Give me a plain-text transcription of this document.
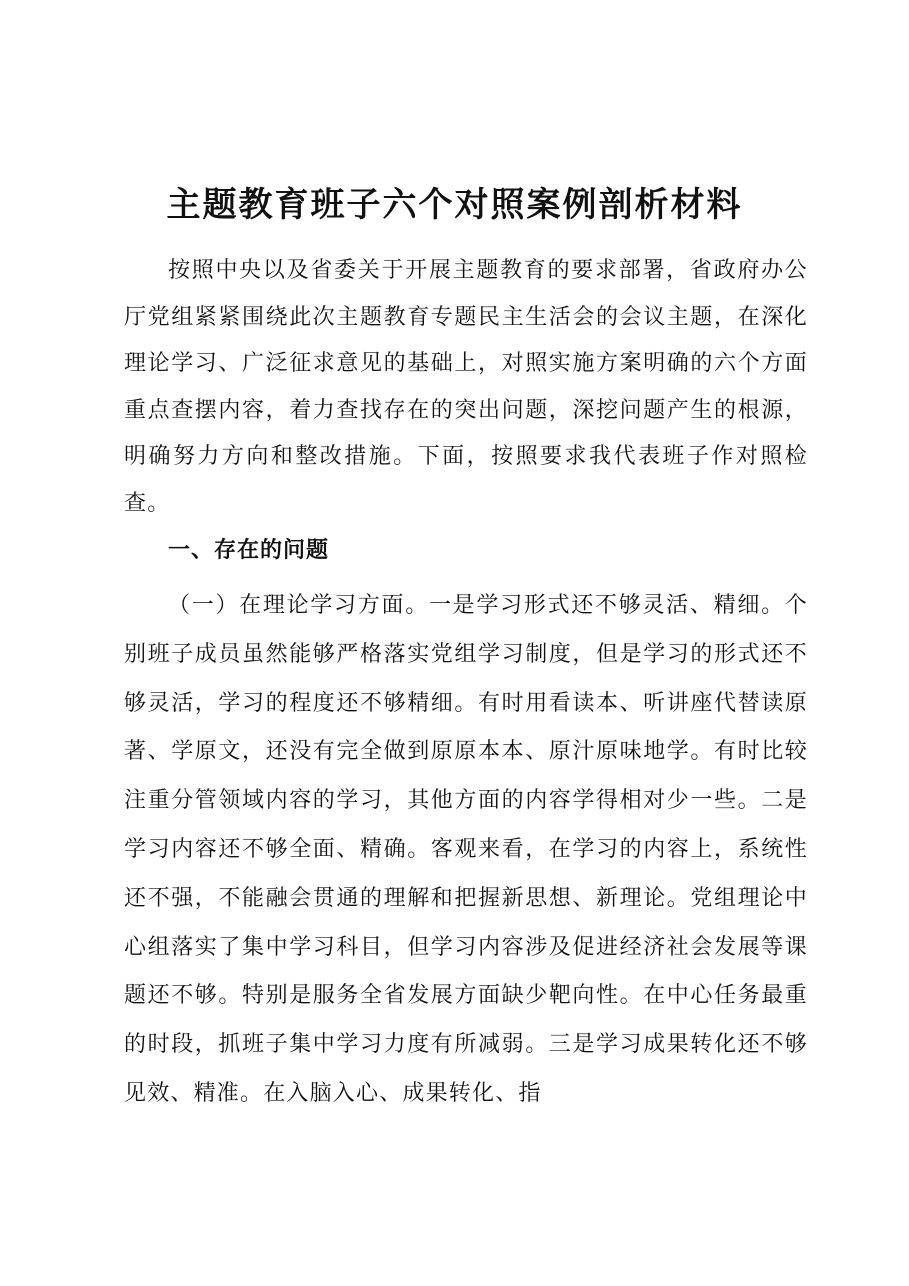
主题教育班子六个对照案例剖析材料

按照中央以及省委关于开展主题教育的要求部署，省政府办公厅党组紧紧围绕此次主题教育专题民主生活会的会议主题，在深化理论学习、广泛征求意见的基础上，对照实施方案明确的六个方面重点查摆内容，着力查找存在的突出问题，深挖问题产生的根源，明确努力方向和整改措施。下面，按照要求我代表班子作对照检查。

一、存在的问题

（一）在理论学习方面。一是学习形式还不够灵活、精细。个别班子成员虽然能够严格落实党组学习制度，但是学习的形式还不够灵活，学习的程度还不够精细。有时用看读本、听讲座代替读原著、学原文，还没有完全做到原原本本、原汁原味地学。有时比较注重分管领域内容的学习，其他方面的内容学得相对少一些。二是学习内容还不够全面、精确。客观来看，在学习的内容上，系统性还不强，不能融会贯通的理解和把握新思想、新理论。党组理论中心组落实了集中学习科目，但学习内容涉及促进经济社会发展等课题还不够。特别是服务全省发展方面缺少靶向性。在中心任务最重的时段，抓班子集中学习力度有所减弱。三是学习成果转化还不够见效、精准。在入脑入心、成果转化、指
